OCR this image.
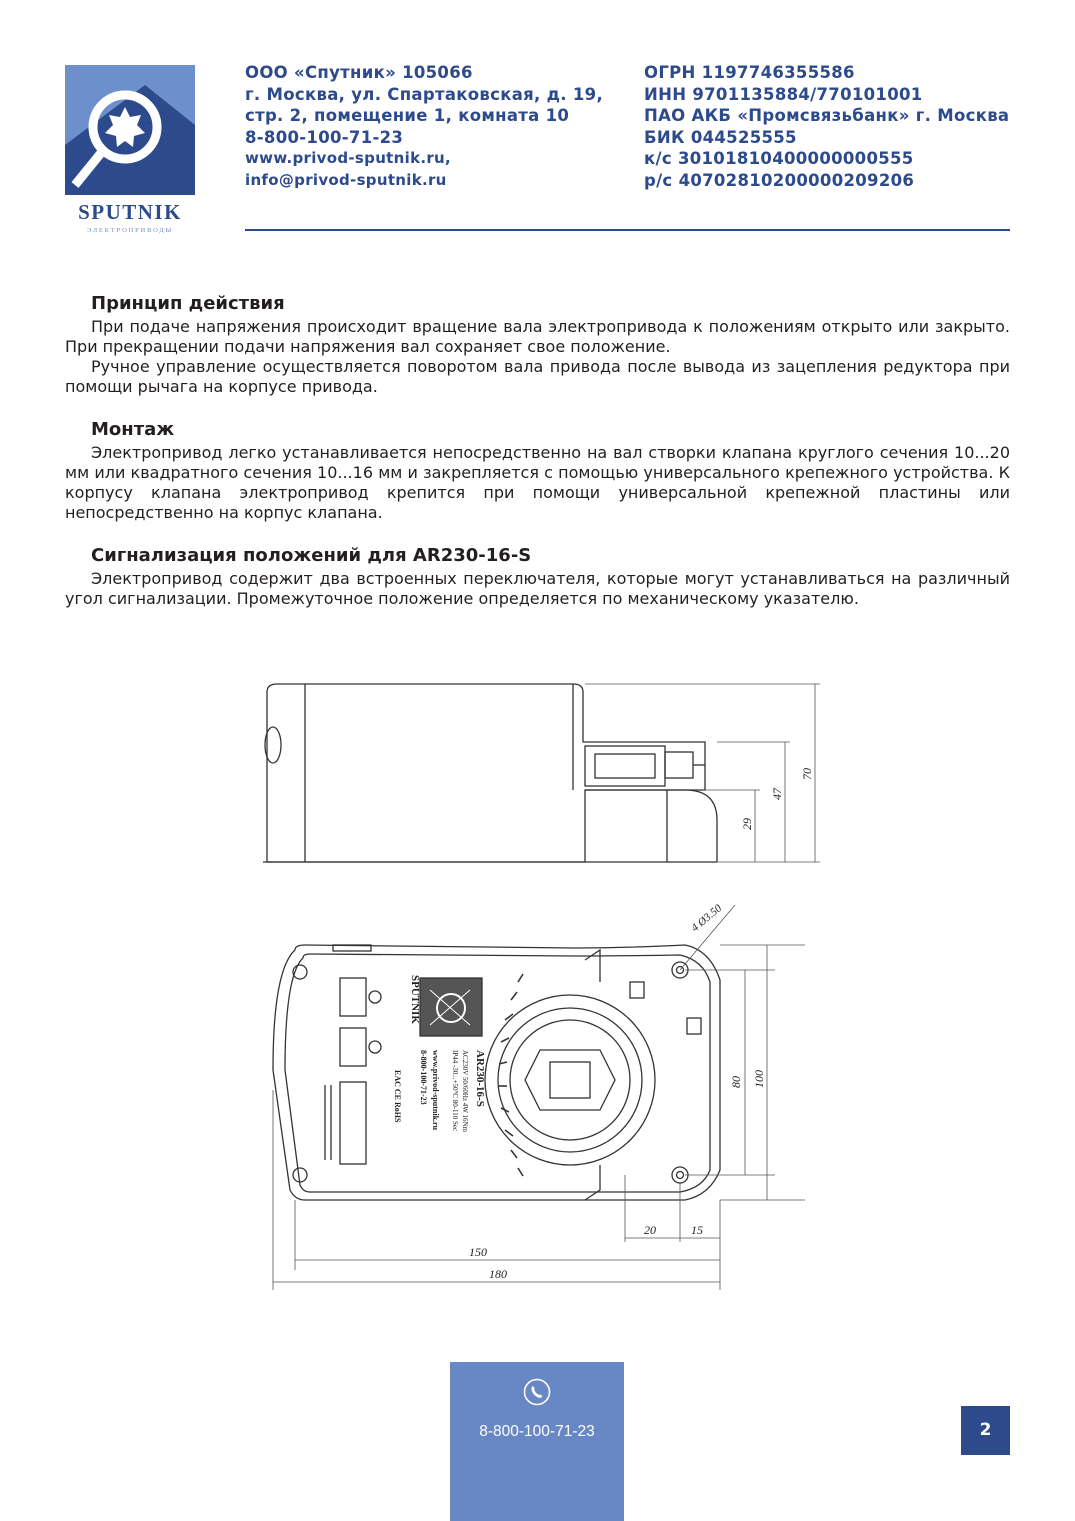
SPUTNIK
ЭЛЕКТРОПРИВОДЫ
ООО «Спутник» 105066
г. Москва, ул. Спартаковская, д. 19,
стр. 2, помещение 1, комната 10
8-800-100-71-23
www.privod-sputnik.ru,
info@privod-sputnik.ru
ОГРН 1197746355586
ИНН 9701135884/770101001
ПАО АКБ «Промсвязьбанк» г. Москва
БИК 044525555
к/с 30101810400000000555
р/с 40702810200000209206
Принцип действия

При подаче напряжения происходит вращение вала электропривода к положениям открыто или закрыто. При прекращении подачи напряжения вал сохраняет свое положение.

Ручное управление осуществляется поворотом вала привода после вывода из зацепления редуктора при помощи рычага на корпусе привода.

Монтаж

Электропривод легко устанавливается непосредственно на вал створки клапана круглого сечения 10...20 мм или квадратного сечения 10...16 мм и закрепляется с помощью универсального крепежного устройства. К корпусу клапана электропривод крепится при помощи универсальной крепежной пластины или непосредственно на корпус клапана.

Сигнализация положений для AR230-16-S

Электропривод содержит два встроенных переключателя, которые могут устанавливаться на различный угол сигнализации. Промежуточное положение определяется по механическому указателю.

29
47
70
SPUTNIK
AR230-16-S
AC230V 50/60Hz 4W 16Nm
IP44 -30...+50°C 80-110 Sec
www.privod-sputnik.ru
8-800-100-71-23
EAC CE RoHS
4 Ø3.50
80 100
20	15
150
180
8-800-100-71-23	2
